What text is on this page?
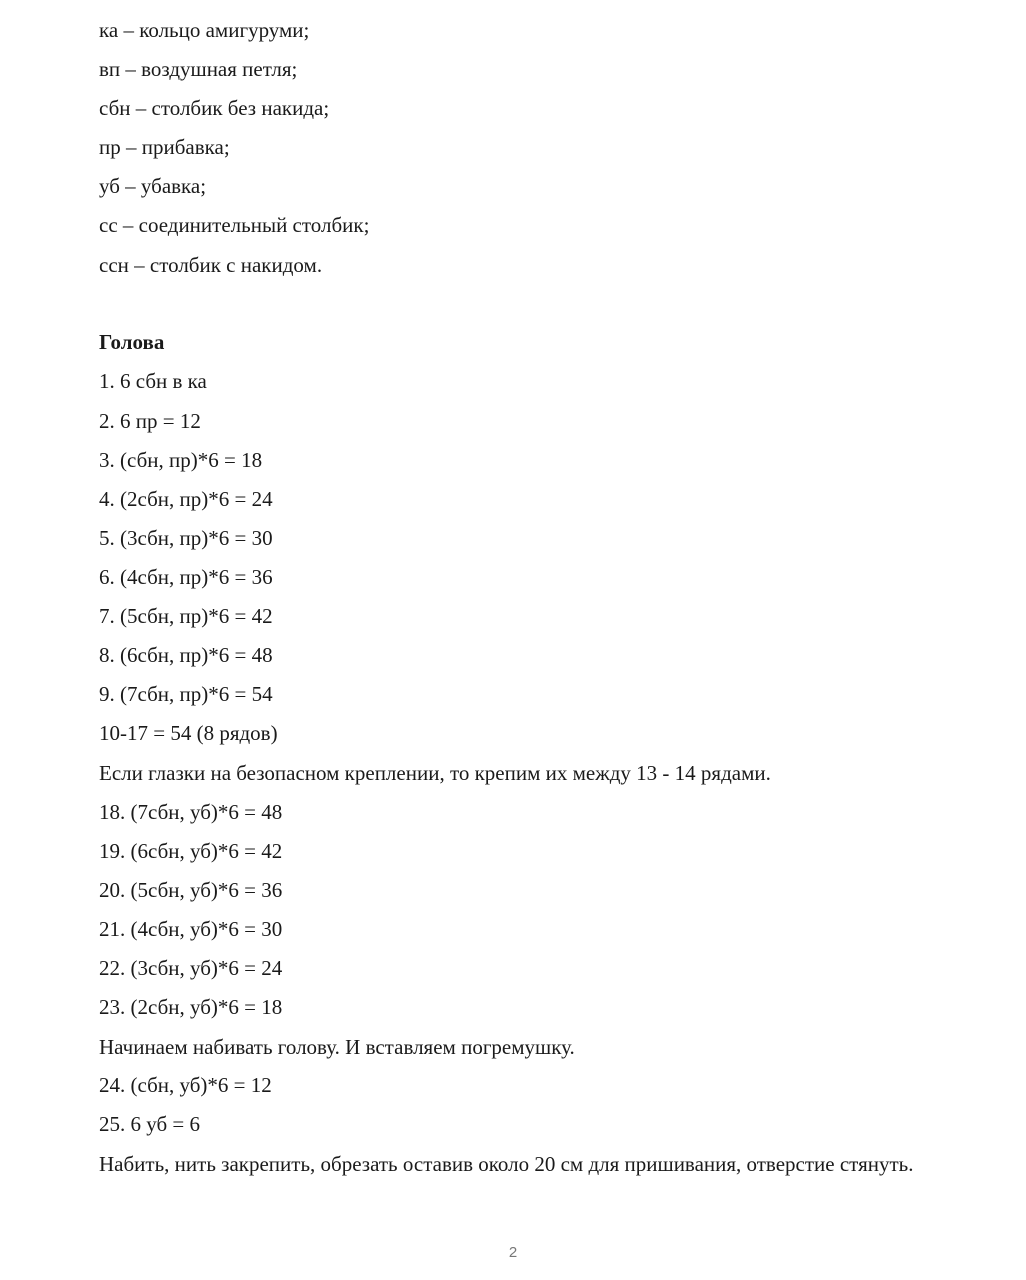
ка – кольцо амигуруми;
вп – воздушная петля;
сбн – столбик без накида;
пр – прибавка;
уб – убавка;
сс – соединительный столбик;
ссн – столбик с накидом.
Голова
1. 6 сбн в ка
2. 6 пр = 12
3. (сбн, пр)*6 = 18
4. (2сбн, пр)*6 = 24
5. (3сбн, пр)*6 = 30
6. (4сбн, пр)*6 = 36
7. (5сбн, пр)*6 = 42
8. (6сбн, пр)*6 = 48
9. (7сбн, пр)*6 = 54
10-17 = 54 (8 рядов)
Если глазки на безопасном креплении, то крепим их между 13 - 14 рядами.
18. (7сбн, уб)*6 = 48
19. (6сбн, уб)*6 = 42
20. (5сбн, уб)*6 = 36
21. (4сбн, уб)*6 = 30
22. (3сбн, уб)*6 = 24
23. (2сбн, уб)*6 = 18
Начинаем набивать голову. И вставляем погремушку.
24. (сбн, уб)*6 = 12
25. 6 уб = 6
Набить, нить закрепить, обрезать оставив около 20 см для пришивания, отверстие стянуть.
2
